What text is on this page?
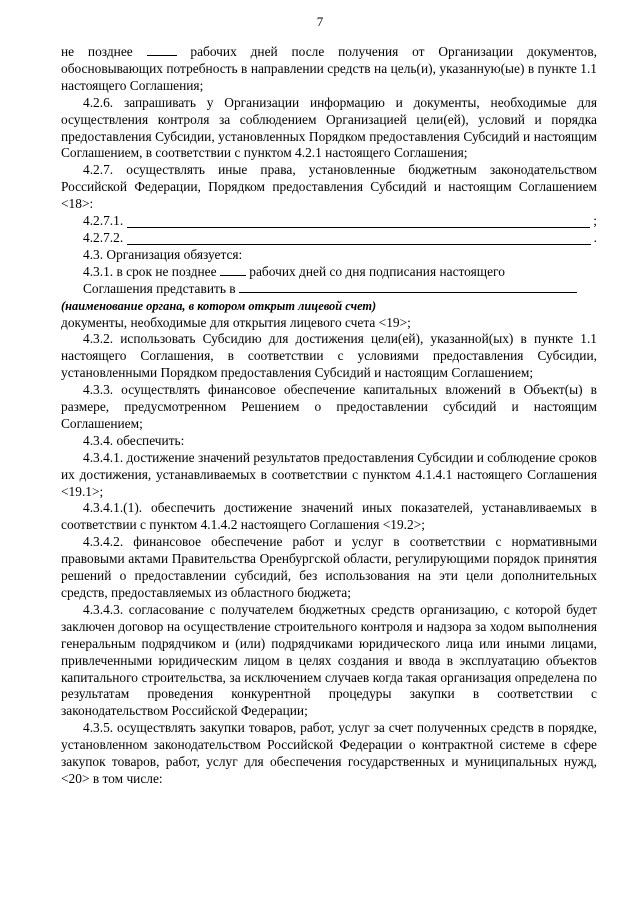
7

не позднее	рабочих дней после получения от Организации документов, обосновывающих потребность в направлении средств на цель(и), указанную(ые) в пункте 1.1 настоящего Соглашения;

4.2.6. запрашивать у Организации информацию и документы, необходимые для осуществления контроля за соблюдением Организацией цели(ей), условий и порядка предоставления Субсидии, установленных Порядком предоставления Субсидий и настоящим Соглашением, в соответствии с пунктом 4.2.1 настоящего Соглашения;

4.2.7. осуществлять иные права, установленные бюджетным законодательством Российской Федерации, Порядком предоставления Субсидий и настоящим Соглашением <18>:

4.2.7.1.	;
4.2.7.2.	.

4.3. Организация обязуется:

4.3.1. в срок не позднее рабочих дней со дня подписания настоящего

Соглашения представить в

(наименование органа, в котором открыт лицевой счет)

документы, необходимые для открытия лицевого счета <19>;

4.3.2. использовать Субсидию для достижения цели(ей), указанной(ых) в пункте 1.1 настоящего Соглашения, в соответствии с условиями предоставления Субсидии, установленными Порядком предоставления Субсидий и настоящим Соглашением;

4.3.3. осуществлять финансовое обеспечение капитальных вложений в Объект(ы) в размере, предусмотренном Решением о предоставлении субсидий и настоящим Соглашением;

4.3.4. обеспечить:

4.3.4.1. достижение значений результатов предоставления Субсидии и соблюдение сроков их достижения, устанавливаемых в соответствии с пунктом 4.1.4.1 настоящего Соглашения <19.1>;

4.3.4.1.(1). обеспечить достижение значений иных показателей, устанавливаемых в соответствии с пунктом 4.1.4.2 настоящего Соглашения <19.2>;

4.3.4.2. финансовое обеспечение работ и услуг в соответствии с нормативными правовыми актами Правительства Оренбургской области, регулирующими порядок принятия решений о предоставлении субсидий, без использования на эти цели дополнительных средств, предоставляемых из областного бюджета;

4.3.4.3. согласование с получателем бюджетных средств организацию, с которой будет заключен договор на осуществление строительного контроля и надзора за ходом выполнения генеральным подрядчиком и (или) подрядчиками юридического лица или иными лицами, привлеченными юридическим лицом в целях создания и ввода в эксплуатацию объектов капитального строительства, за исключением случаев когда такая организация определена по результатам проведения конкурентной процедуры закупки в соответствии с законодательством Российской Федерации;

4.3.5. осуществлять закупки товаров, работ, услуг за счет полученных средств в порядке, установленном законодательством Российской Федерации о контрактной системе в сфере закупок товаров, работ, услуг для обеспечения государственных и муниципальных нужд, <20> в том числе:
